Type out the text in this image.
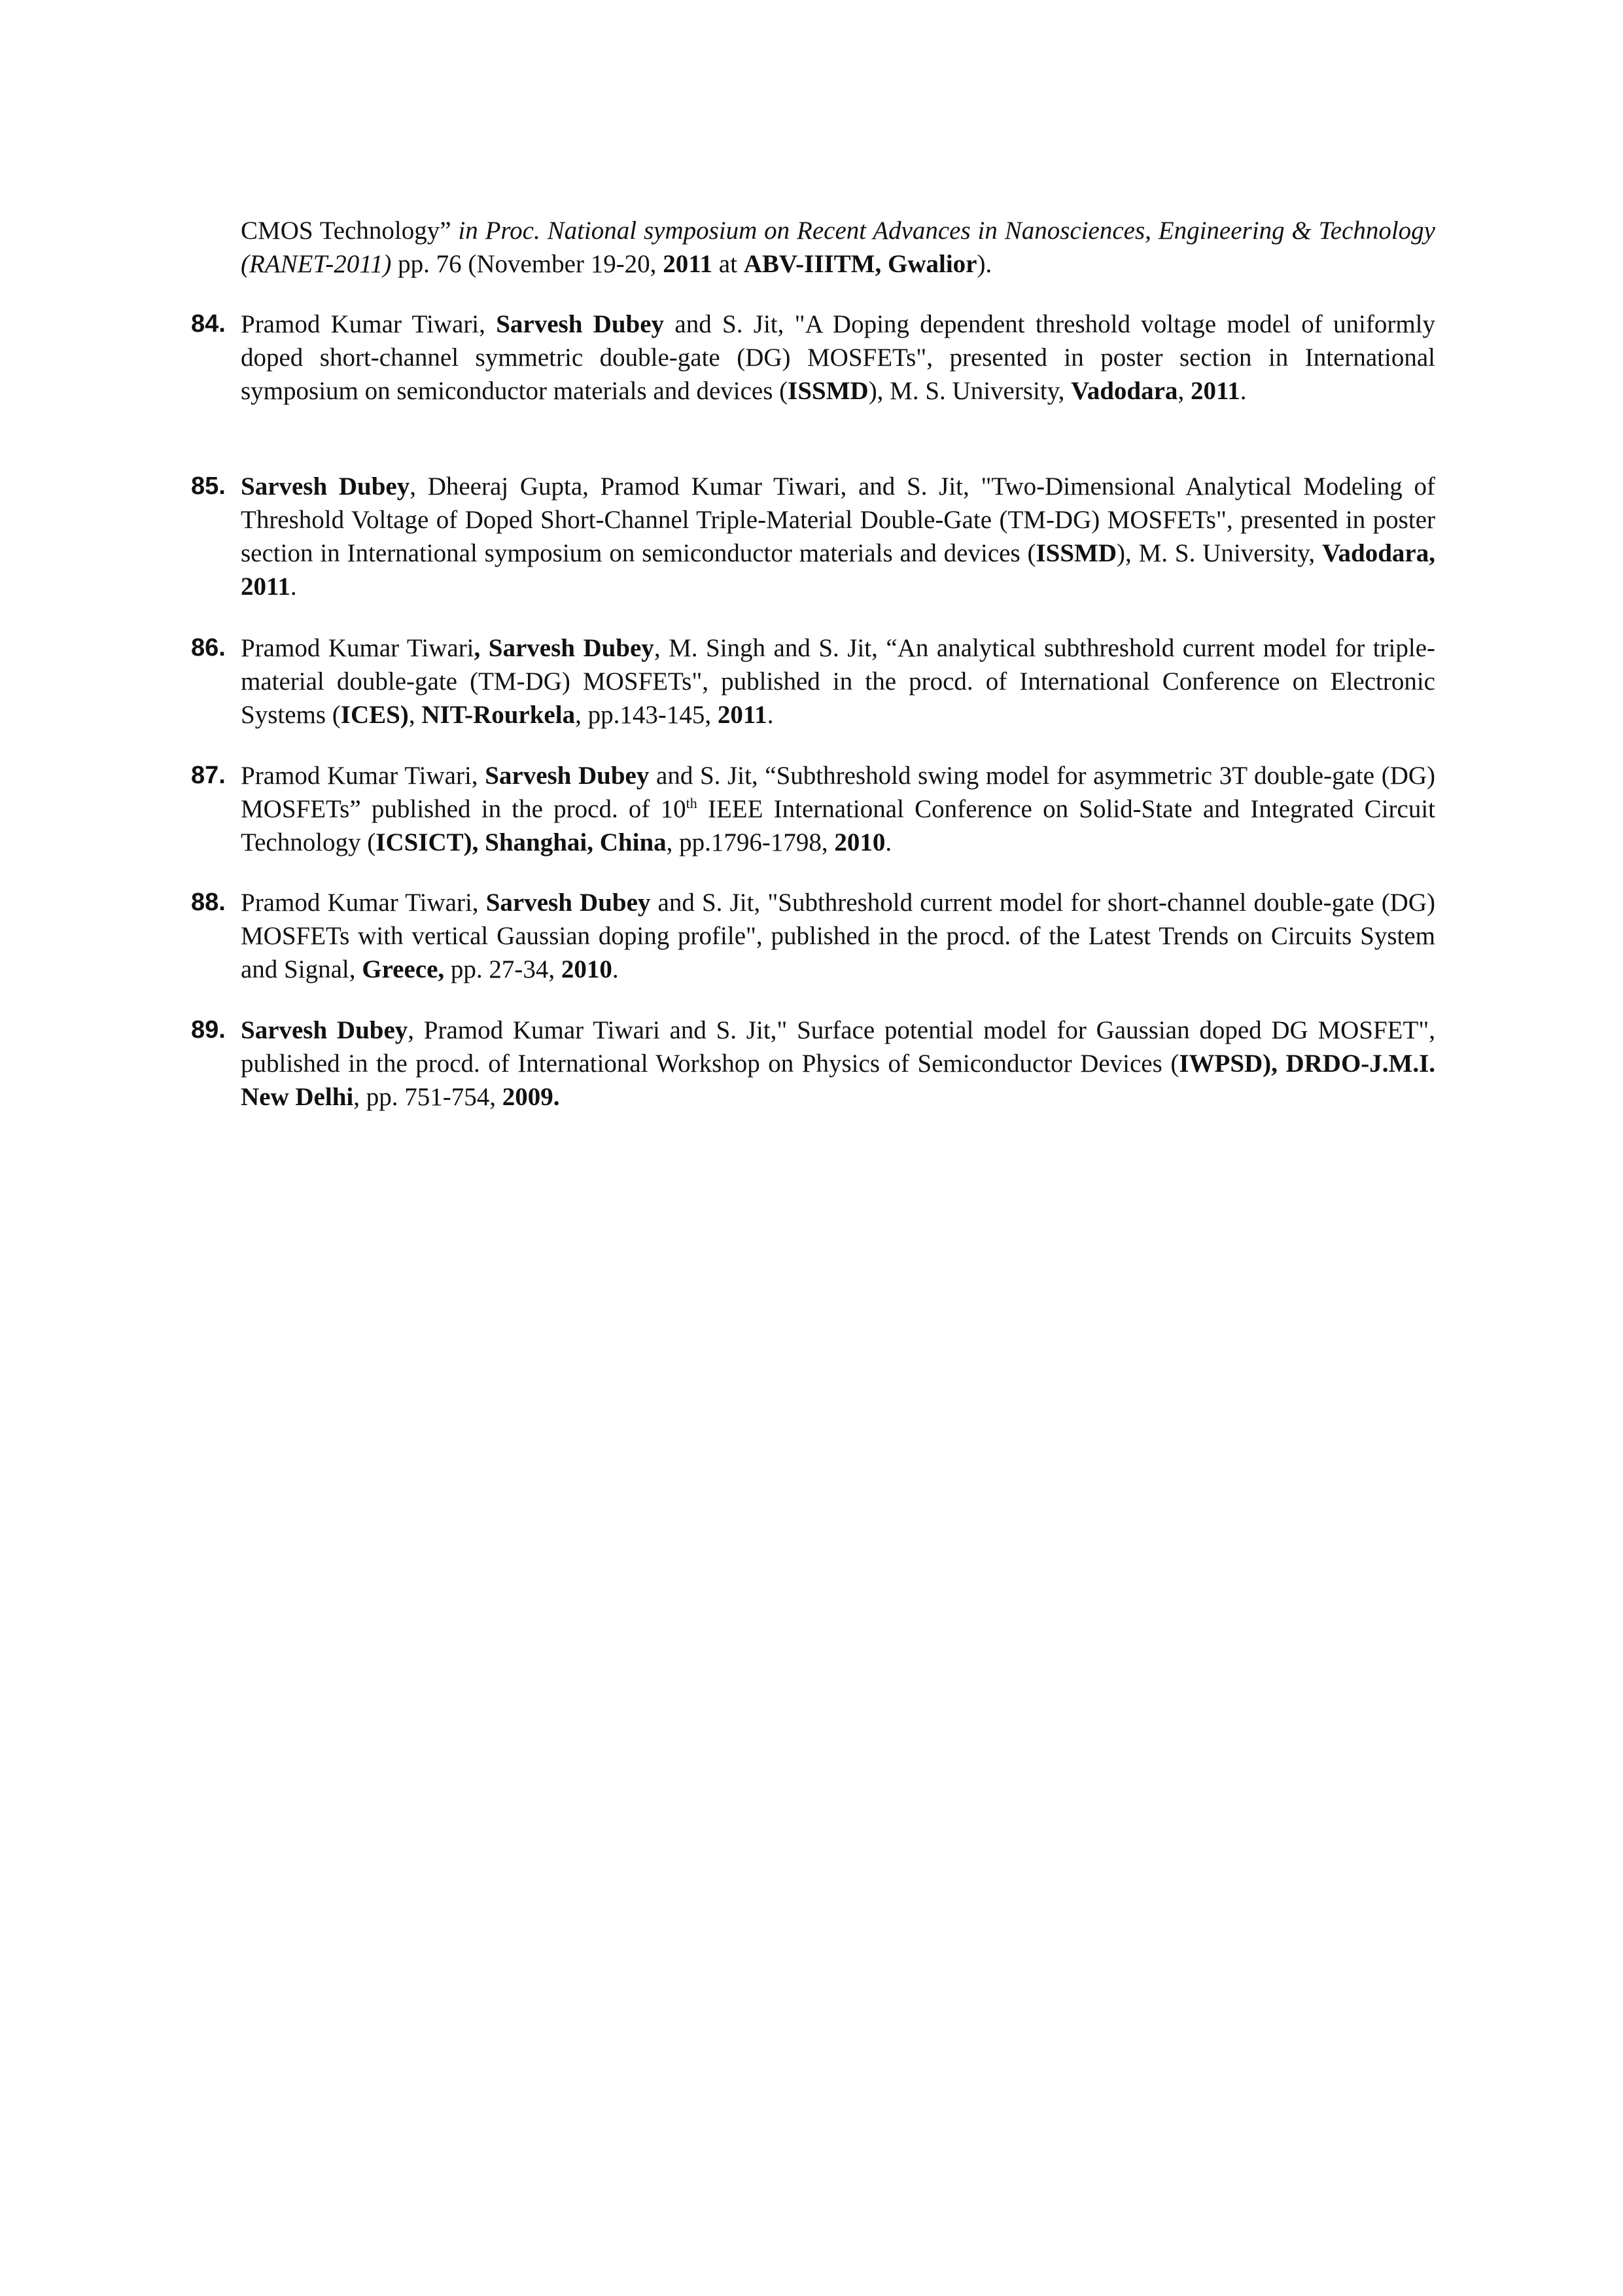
CMOS Technology” in Proc. National symposium on Recent Advances in Nanosciences, Engineering & Technology (RANET-2011) pp. 76 (November 19-20, 2011 at ABV-IIITM, Gwalior).
84. Pramod Kumar Tiwari, Sarvesh Dubey and S. Jit, "A Doping dependent threshold voltage model of uniformly doped short-channel symmetric double-gate (DG) MOSFETs", presented in poster section in International symposium on semiconductor materials and devices (ISSMD), M. S. University, Vadodara, 2011.
85. Sarvesh Dubey, Dheeraj Gupta, Pramod Kumar Tiwari, and S. Jit, "Two-Dimensional Analytical Modeling of Threshold Voltage of Doped Short-Channel Triple-Material Double-Gate (TM-DG) MOSFETs", presented in poster section in International symposium on semiconductor materials and devices (ISSMD), M. S. University, Vadodara, 2011.
86. Pramod Kumar Tiwari, Sarvesh Dubey, M. Singh and S. Jit, “An analytical subthreshold current model for triple-material double-gate (TM-DG) MOSFETs", published in the procd. of International Conference on Electronic Systems (ICES), NIT-Rourkela, pp.143-145, 2011.
87. Pramod Kumar Tiwari, Sarvesh Dubey and S. Jit, “Subthreshold swing model for asymmetric 3T double-gate (DG) MOSFETs” published in the procd. of 10th IEEE International Conference on Solid-State and Integrated Circuit Technology (ICSICT), Shanghai, China, pp.1796-1798, 2010.
88. Pramod Kumar Tiwari, Sarvesh Dubey and S. Jit, "Subthreshold current model for short-channel double-gate (DG) MOSFETs with vertical Gaussian doping profile", published in the procd. of the Latest Trends on Circuits System and Signal, Greece, pp. 27-34, 2010.
89. Sarvesh Dubey, Pramod Kumar Tiwari and S. Jit," Surface potential model for Gaussian doped DG MOSFET", published in the procd. of International Workshop on Physics of Semiconductor Devices (IWPSD), DRDO-J.M.I. New Delhi, pp. 751-754, 2009.
